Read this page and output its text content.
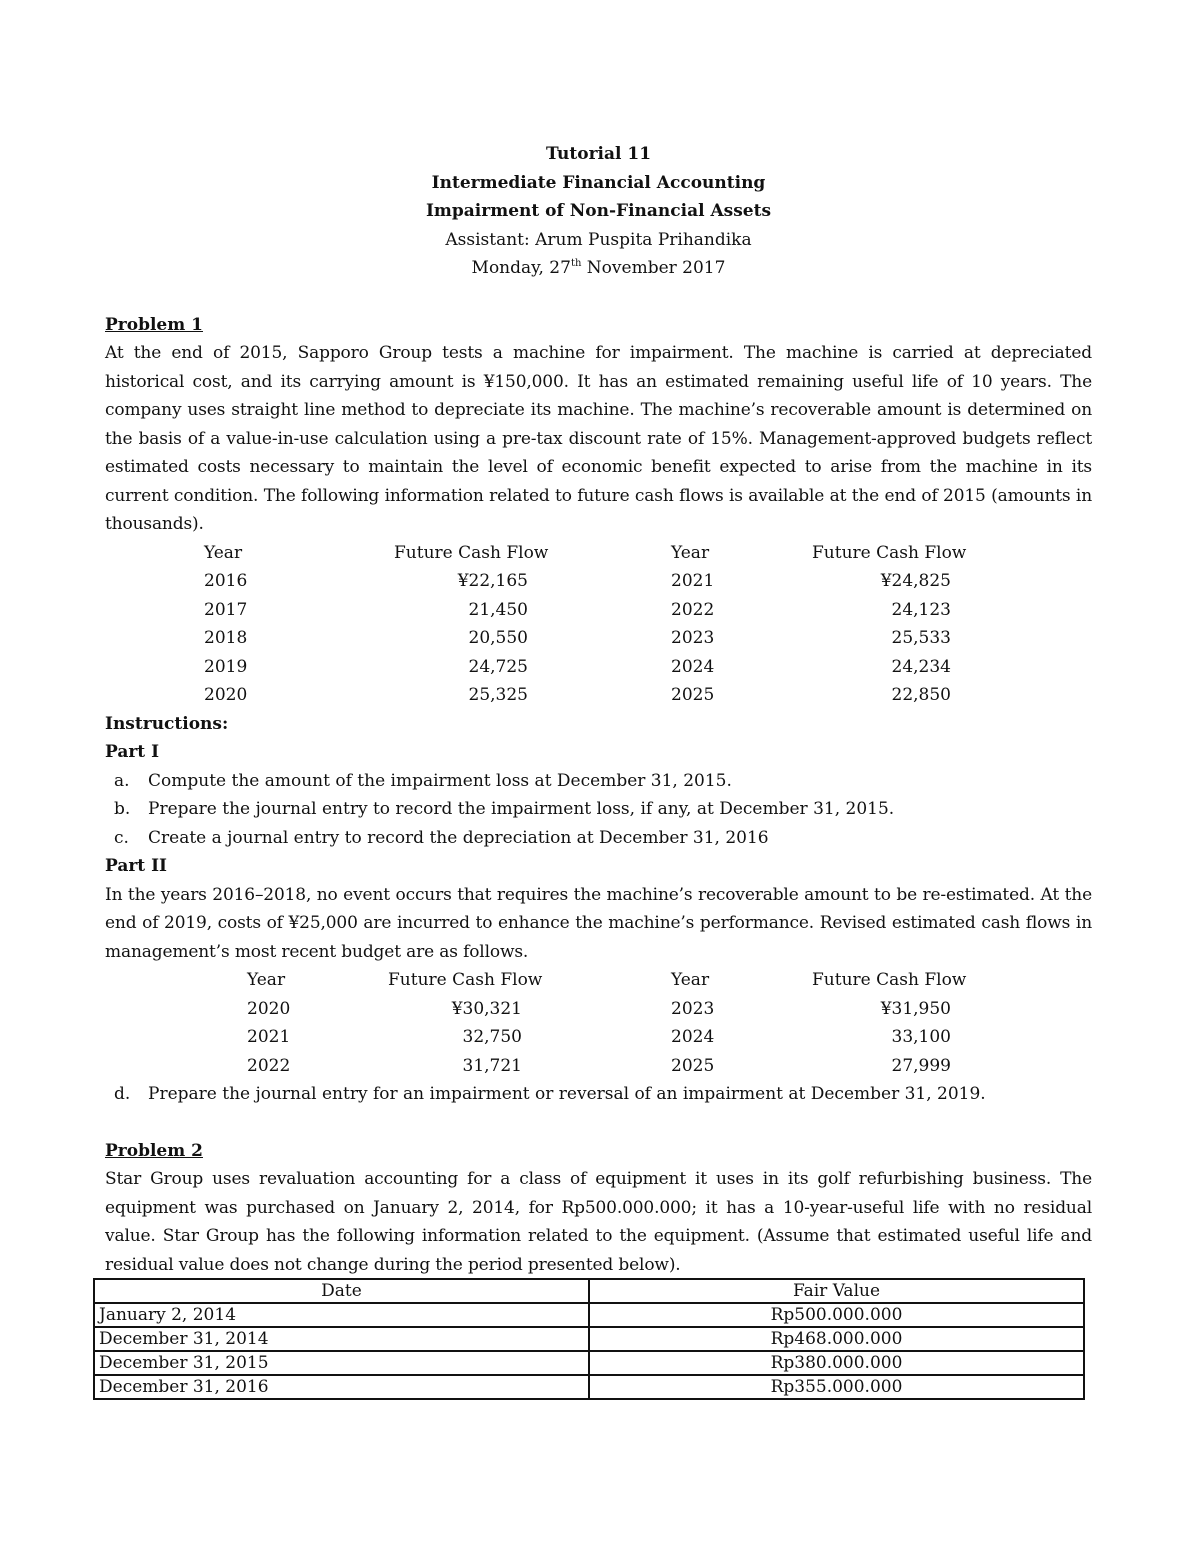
Tutorial 11
Intermediate Financial Accounting
Impairment of Non-Financial Assets
Assistant: Arum Puspita Prihandika
Monday, 27th November 2017
Problem 1

At the end of 2015, Sapporo Group tests a machine for impairment. The machine is carried at depreciated historical cost, and its carrying amount is ¥150,000. It has an estimated remaining useful life of 10 years. The company uses straight line method to depreciate its machine. The machine’s recoverable amount is determined on the basis of a value-in-use calculation using a pre-tax discount rate of 15%. Management-approved budgets reflect estimated costs necessary to maintain the level of economic benefit expected to arise from the machine in its current condition. The following information related to future cash flows is available at the end of 2015 (amounts in thousands).

Year	Future Cash Flow	Year	Future Cash Flow
2016	¥22,165	2021	¥24,825
2017	21,450	2022	24,123
2018	20,550	2023	25,533
2019	24,725	2024	24,234
2020	25,325	2025	22,850
Instructions:
Part I
a. Compute the amount of the impairment loss at December 31, 2015.
b. Prepare the journal entry to record the impairment loss, if any, at December 31, 2015.
c. Create a journal entry to record the depreciation at December 31, 2016
Part II

In the years 2016–2018, no event occurs that requires the machine’s recoverable amount to be re-estimated. At the end of 2019, costs of ¥25,000 are incurred to enhance the machine’s performance. Revised estimated cash flows in management’s most recent budget are as follows.

Year	Future Cash Flow	Year	Future Cash Flow
2020	¥30,321	2023	¥31,950
2021	32,750	2024	33,100
2022	31,721	2025	27,999
d. Prepare the journal entry for an impairment or reversal of an impairment at December 31, 2019.
Problem 2

Star Group uses revaluation accounting for a class of equipment it uses in its golf refurbishing business. The equipment was purchased on January 2, 2014, for Rp500.000.000; it has a 10-year-useful life with no residual value. Star Group has the following information related to the equipment. (Assume that estimated useful life and residual value does not change during the period presented below).

Date	Fair Value
January 2, 2014	Rp500.000.000
December 31, 2014	Rp468.000.000
December 31, 2015	Rp380.000.000
December 31, 2016	Rp355.000.000
